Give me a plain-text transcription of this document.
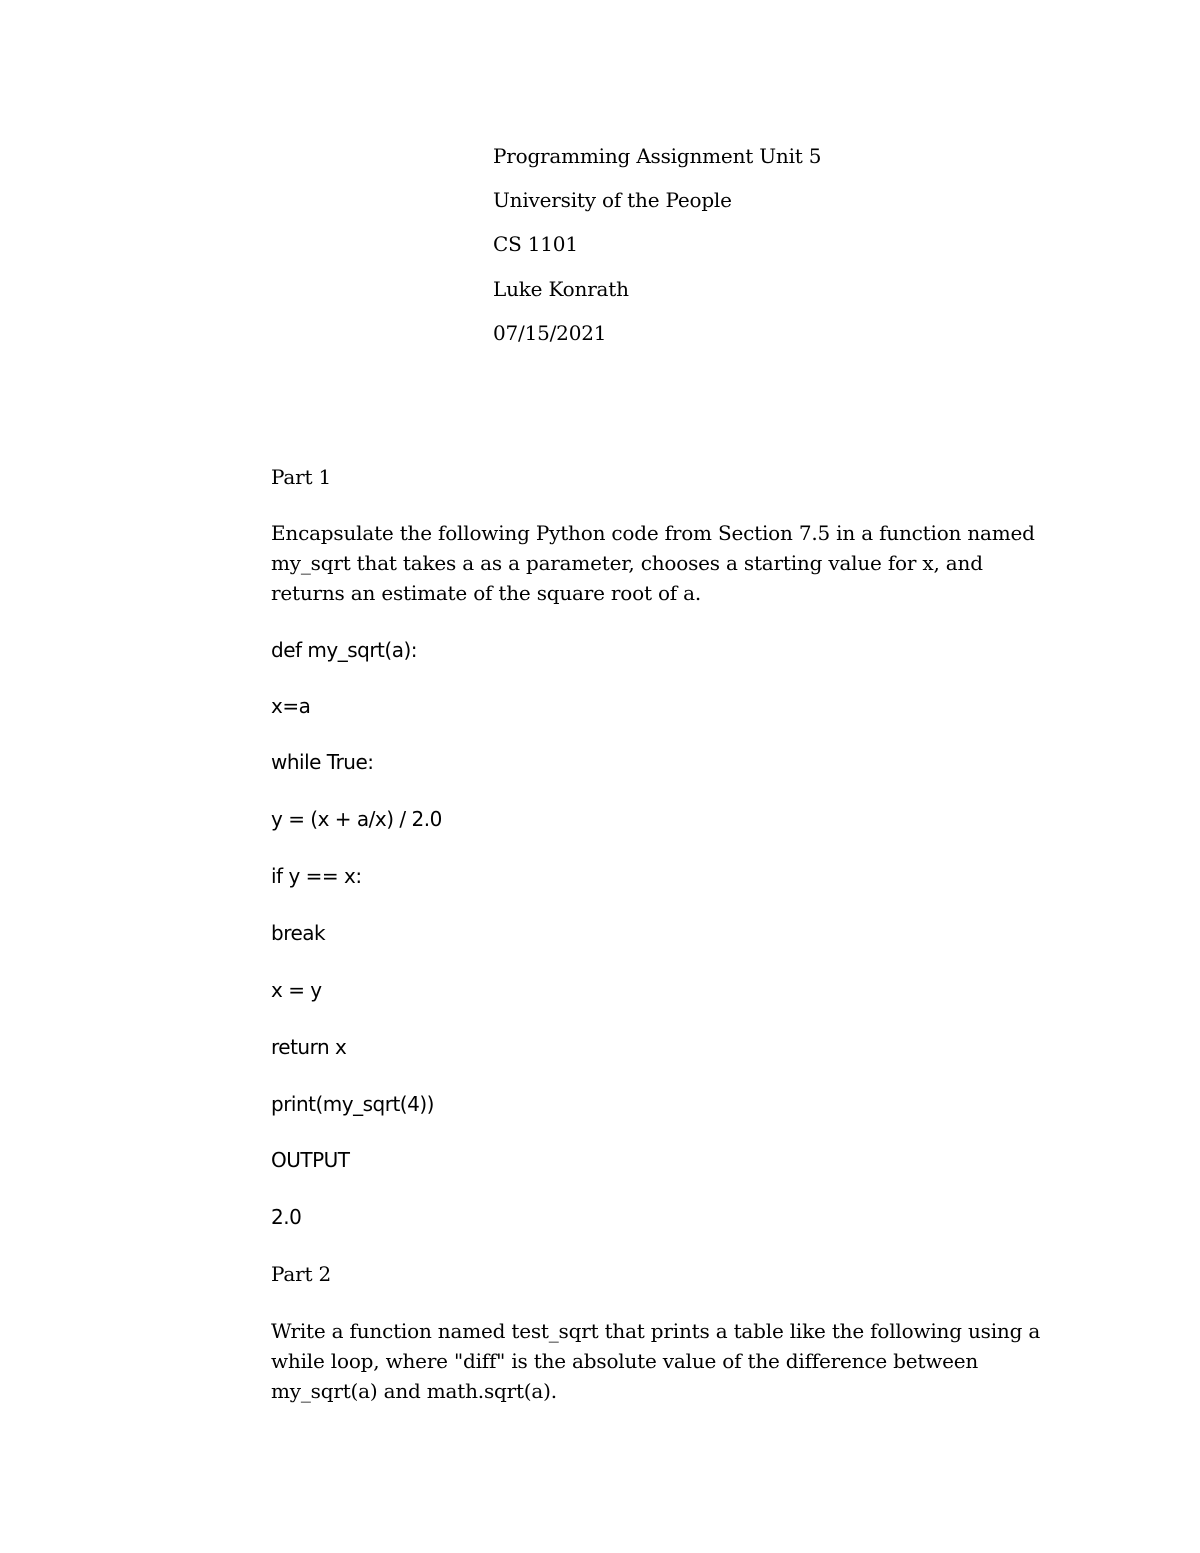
Programming Assignment Unit 5
University of the People
CS 1101
Luke Konrath
07/15/2021
Part 1
Encapsulate the following Python code from Section 7.5 in a function named
my_sqrt that takes a as a parameter, chooses a starting value for x, and
returns an estimate of the square root of a.
def my_sqrt(a):
x=a
while True:
y = (x + a/x) / 2.0
if y == x:
break
x = y
return x
print(my_sqrt(4))
OUTPUT
2.0
Part 2
Write a function named test_sqrt that prints a table like the following using a
while loop, where "diff" is the absolute value of the difference between
my_sqrt(a) and math.sqrt(a).
